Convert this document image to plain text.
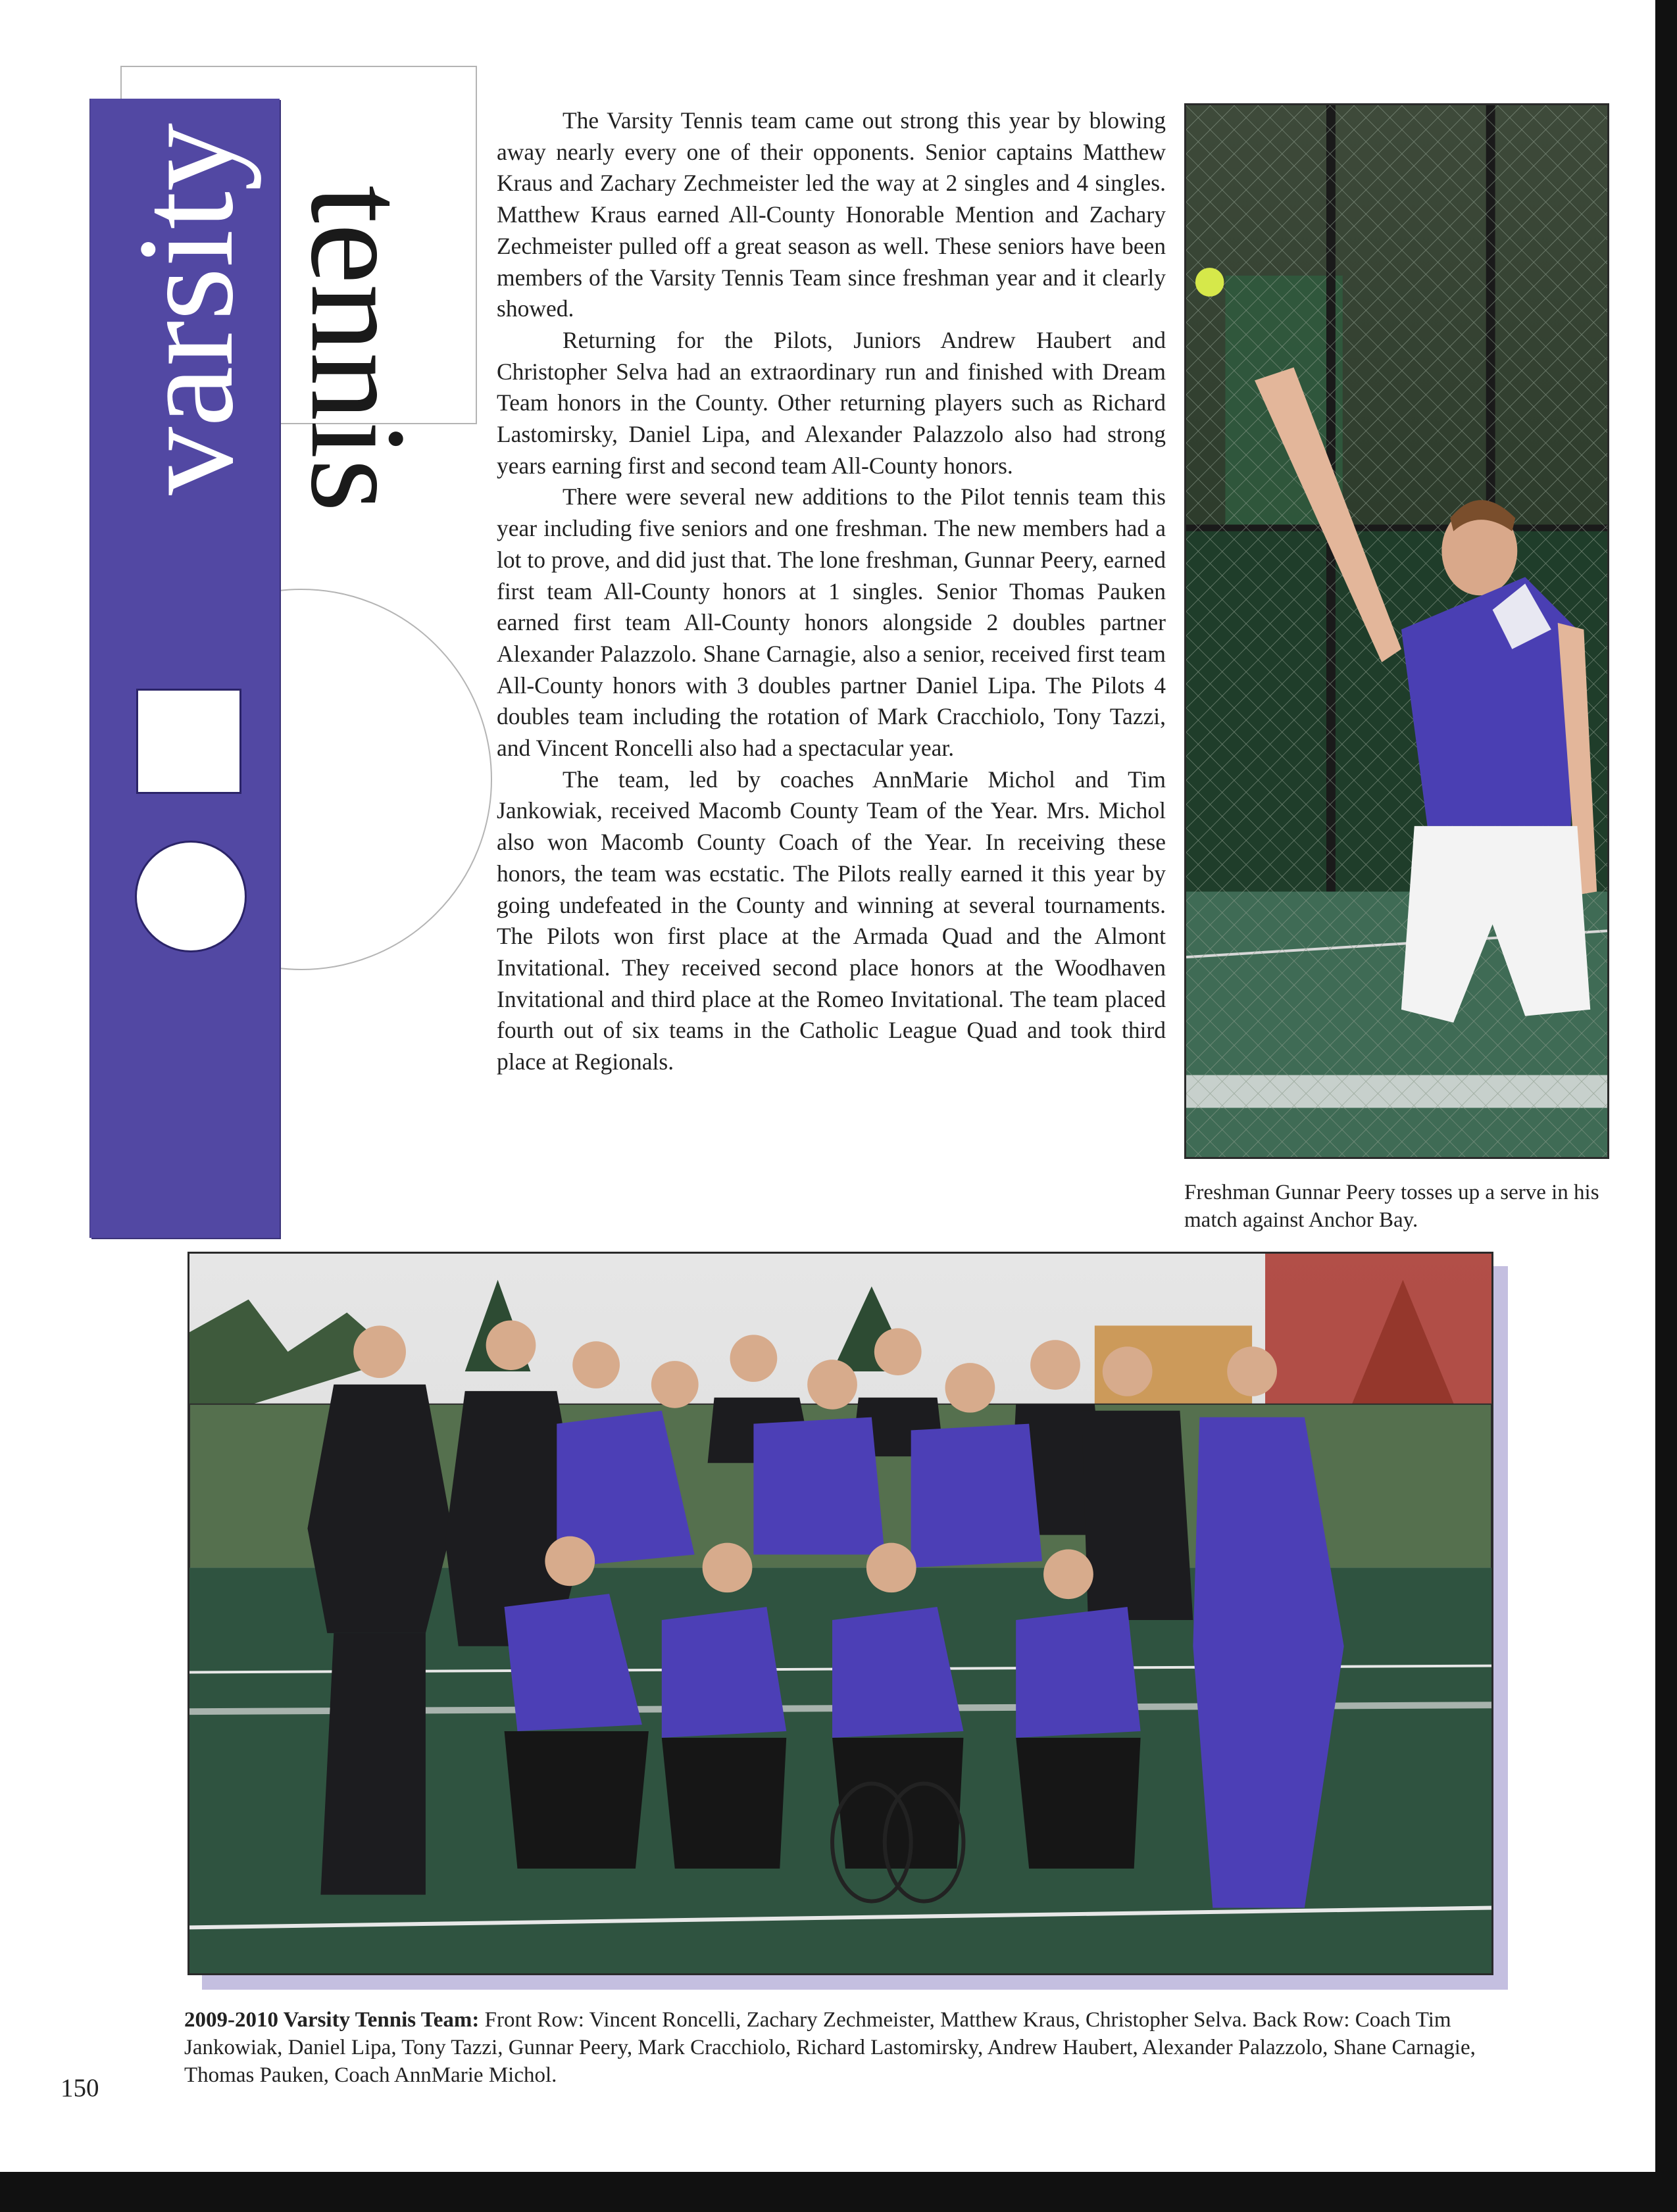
varsity tennis

The Varsity Tennis team came out strong this year by blowing away nearly every one of their opponents. Senior captains Matthew Kraus and Zachary Zechmeister led the way at 2 singles and 4 singles. Matthew Kraus earned All-County Honorable Mention and Zachary Zechmeister pulled off a great season as well. These seniors have been members of the Varsity Tennis Team since freshman year and it clearly showed.

Returning for the Pilots, Juniors Andrew Haubert and Christopher Selva had an extraordinary run and finished with Dream Team honors in the County. Other returning players such as Richard Lastomirsky, Daniel Lipa, and Alexander Palazzolo also had strong years earning first and second team All-County honors.

There were several new additions to the Pilot tennis team this year including five seniors and one freshman. The new members had a lot to prove, and did just that. The lone freshman, Gunnar Peery, earned first team All-County honors at 1 singles. Senior Thomas Pauken earned first team All-County honors alongside 2 doubles partner Alexander Palazzolo. Shane Carnagie, also a senior, received first team All-County honors with 3 doubles partner Daniel Lipa. The Pilots 4 doubles team including the rotation of Mark Cracchiolo, Tony Tazzi, and Vincent Roncelli also had a spectacular year.

The team, led by coaches AnnMarie Michol and Tim Jankowiak, received Macomb County Team of the Year. Mrs. Michol also won Macomb County Coach of the Year. In receiving these honors, the team was ecstatic. The Pilots really earned it this year by going undefeated in the County and winning at several tournaments. The Pilots won first place at the Armada Quad and the Almont Invitational. They received second place honors at the Woodhaven Invitational and third place at the Romeo Invitational. The team placed fourth out of six teams in the Catholic League Quad and took third place at Regionals.

Freshman Gunnar Peery tosses up a serve in his match against Anchor Bay.
2009-2010 Varsity Tennis Team: Front Row: Vincent Roncelli, Zachary Zechmeister, Matthew Kraus, Christopher Selva. Back Row: Coach Tim Jankowiak, Daniel Lipa, Tony Tazzi, Gunnar Peery, Mark Cracchiolo, Richard Lastomirsky, Andrew Haubert, Alexander Palazzolo, Shane Carnagie, Thomas Pauken, Coach AnnMarie Michol.
150
